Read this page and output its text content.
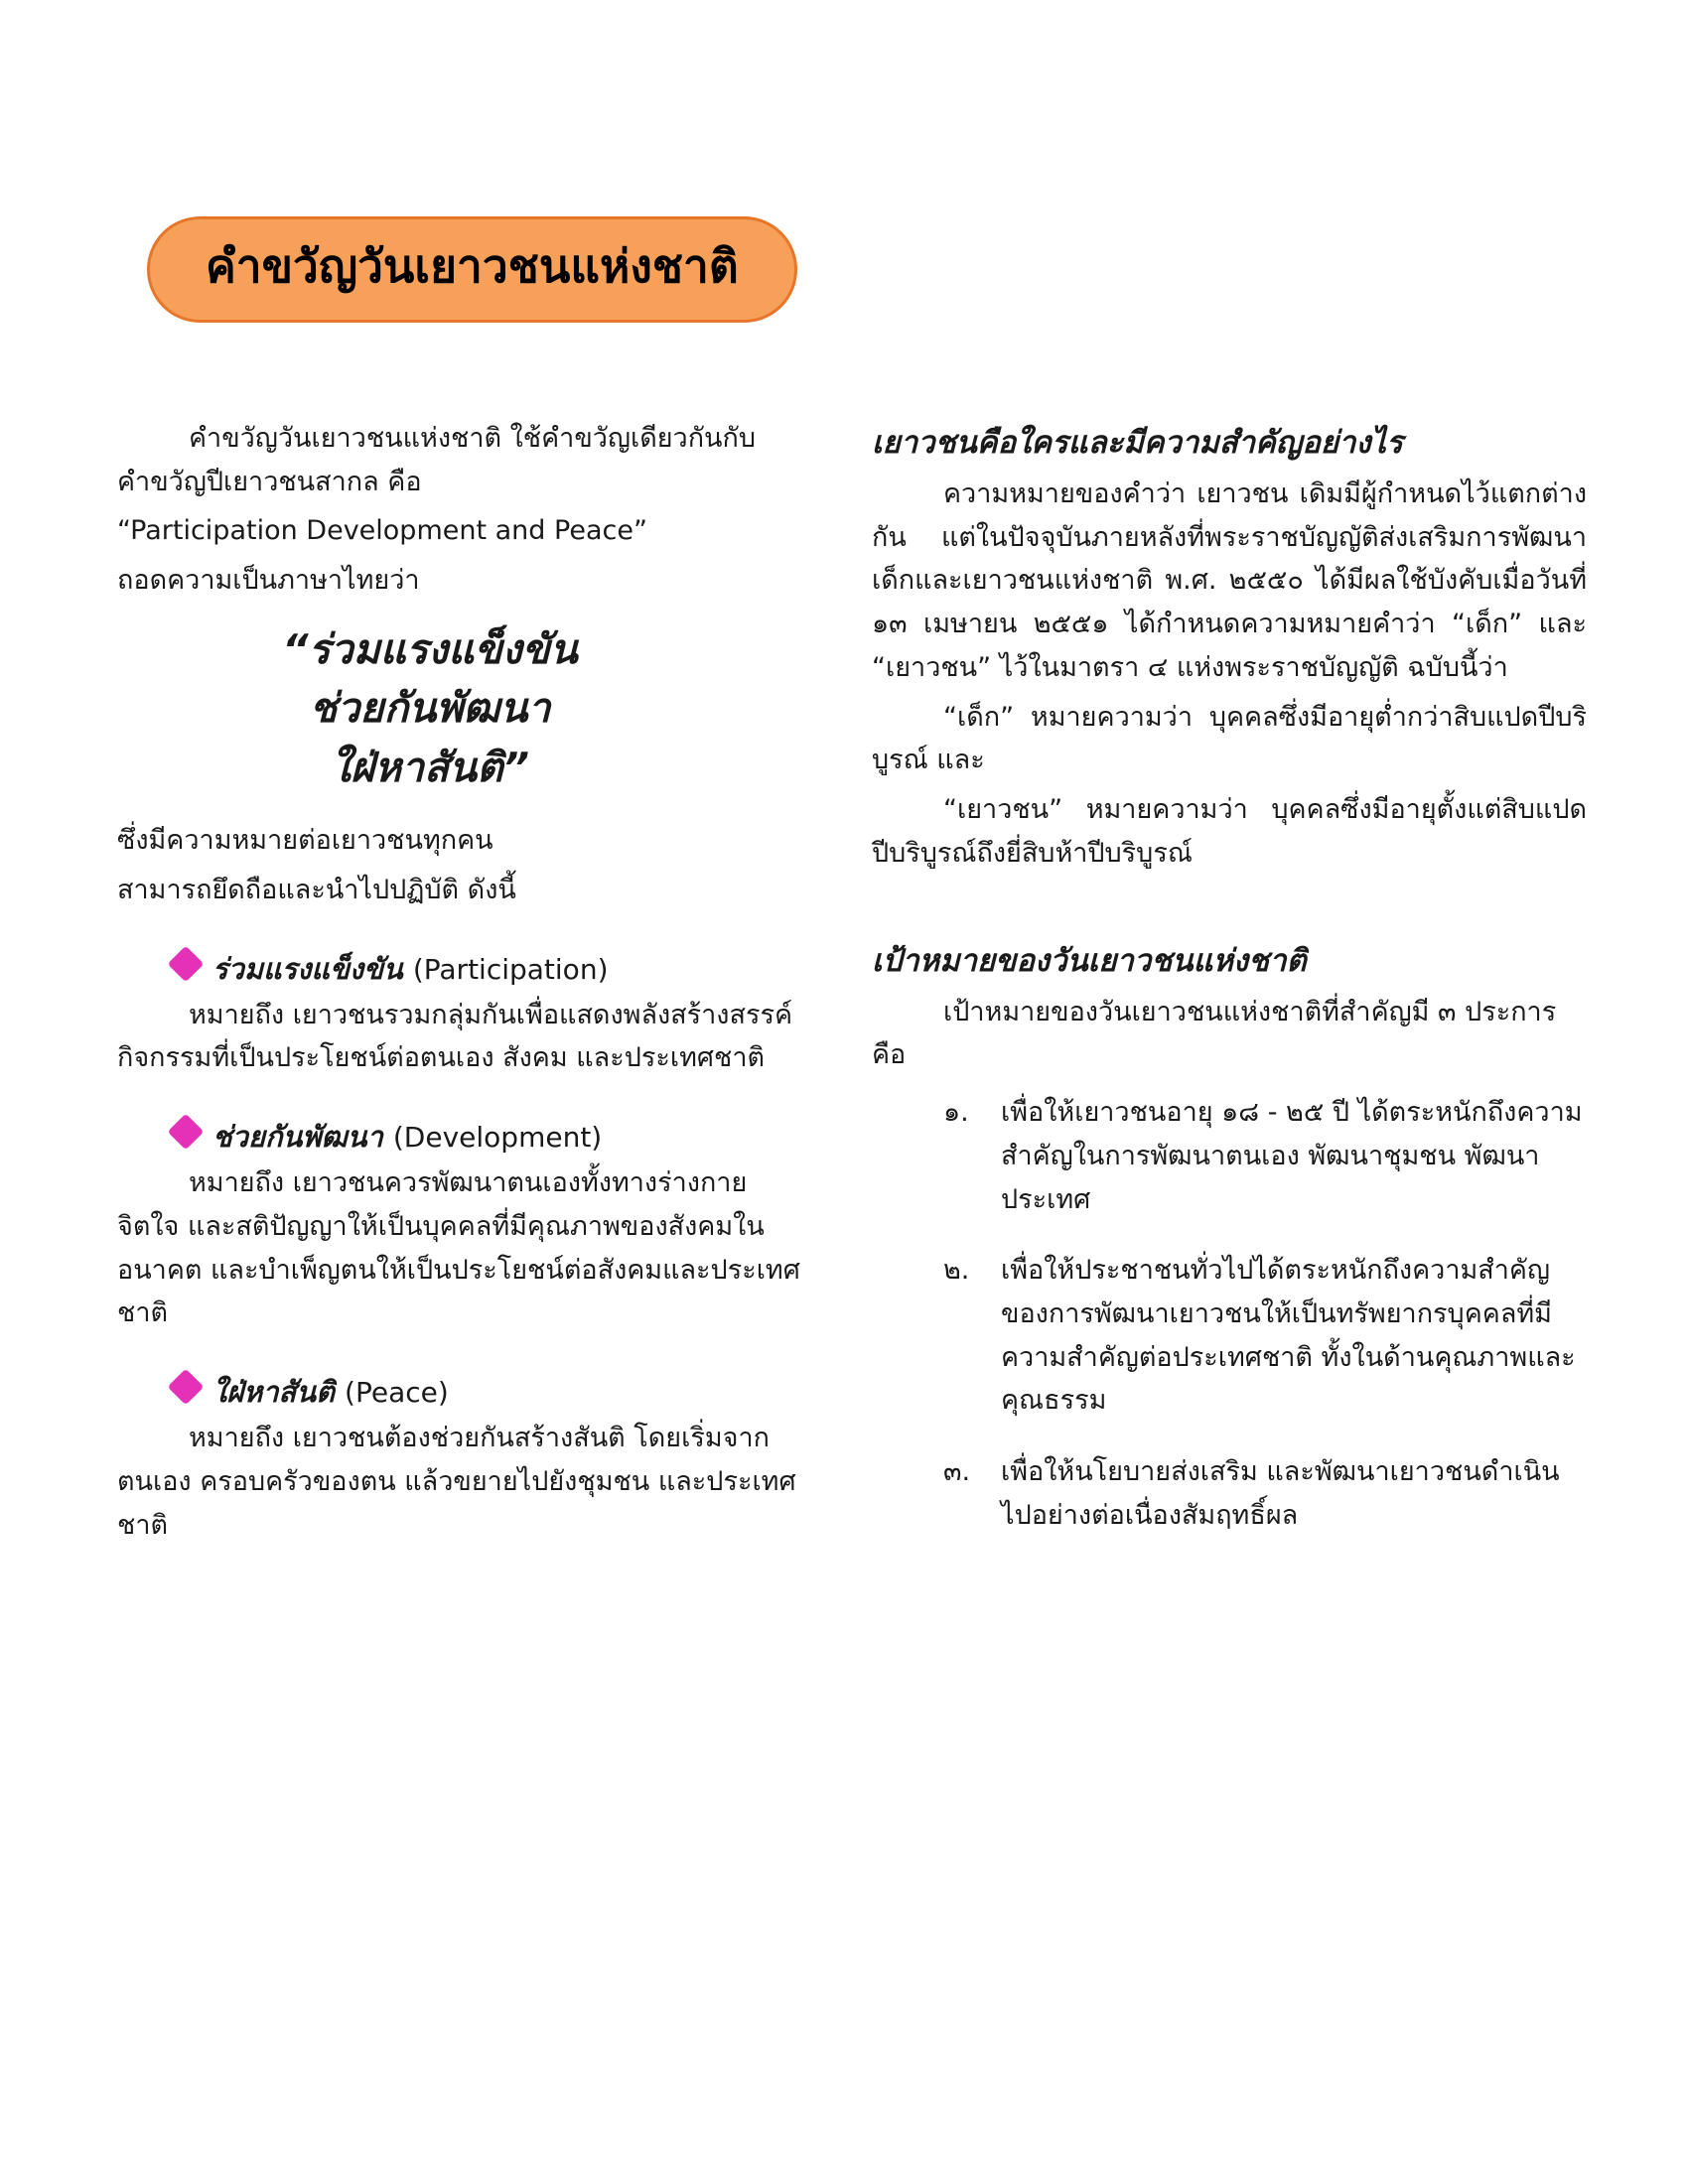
คำขวัญวันเยาวชนแห่งชาติ

คำขวัญวันเยาวชนแห่งชาติ ใช้คำขวัญเดียวกันกับคำขวัญปีเยาวชนสากล คือ

“Participation Development and Peace”

ถอดความเป็นภาษาไทยว่า

“ร่วมแรงแข็งขัน
ช่วยกันพัฒนา
ใฝ่หาสันติ”

ซึ่งมีความหมายต่อเยาวชนทุกคน

สามารถยึดถือและนำไปปฏิบัติ ดังนี้

ร่วมแรงแข็งขัน (Participation)

หมายถึง เยาวชนรวมกลุ่มกันเพื่อแสดงพลังสร้างสรรค์กิจกรรมที่เป็นประโยชน์ต่อตนเอง สังคม และประเทศชาติ

ช่วยกันพัฒนา (Development)

หมายถึง เยาวชนควรพัฒนาตนเองทั้งทางร่างกาย จิตใจ และสติปัญญาให้เป็นบุคคลที่มีคุณภาพของสังคมในอนาคต และบำเพ็ญตนให้เป็นประโยชน์ต่อสังคมและประเทศชาติ

ใฝ่หาสันติ (Peace)

หมายถึง เยาวชนต้องช่วยกันสร้างสันติ โดยเริ่มจากตนเอง ครอบครัวของตน แล้วขยายไปยังชุมชน และประเทศชาติ

เยาวชนคือใครและมีความสำคัญอย่างไร

ความหมายของคำว่า เยาวชน เดิมมีผู้กำหนดไว้แตกต่างกัน แต่ในปัจจุบันภายหลังที่พระราชบัญญัติส่งเสริมการพัฒนาเด็กและเยาวชนแห่งชาติ พ.ศ. ๒๕๕๐ ได้มีผลใช้บังคับเมื่อวันที่ ๑๓ เมษายน ๒๕๕๑ ได้กำหนดความหมายคำว่า “เด็ก” และ “เยาวชน” ไว้ในมาตรา ๔ แห่งพระราชบัญญัติ ฉบับนี้ว่า

“เด็ก” หมายความว่า บุคคลซึ่งมีอายุต่ำกว่าสิบแปดปีบริบูรณ์ และ

“เยาวชน” หมายความว่า บุคคลซึ่งมีอายุตั้งแต่สิบแปดปีบริบูรณ์ถึงยี่สิบห้าปีบริบูรณ์

เป้าหมายของวันเยาวชนแห่งชาติ

เป้าหมายของวันเยาวชนแห่งชาติที่สำคัญมี ๓ ประการ คือ

๑.	เพื่อให้เยาวชนอายุ ๑๘ - ๒๕ ปี ได้ตระหนักถึงความสำคัญในการพัฒนาตนเอง พัฒนาชุมชน พัฒนาประเทศ
๒.	เพื่อให้ประชาชนทั่วไปได้ตระหนักถึงความสำคัญของการพัฒนาเยาวชนให้เป็นทรัพยากรบุคคลที่มีความสำคัญต่อประเทศชาติ ทั้งในด้านคุณภาพและคุณธรรม
๓.	เพื่อให้นโยบายส่งเสริม และพัฒนาเยาวชนดำเนินไปอย่างต่อเนื่องสัมฤทธิ์ผล
